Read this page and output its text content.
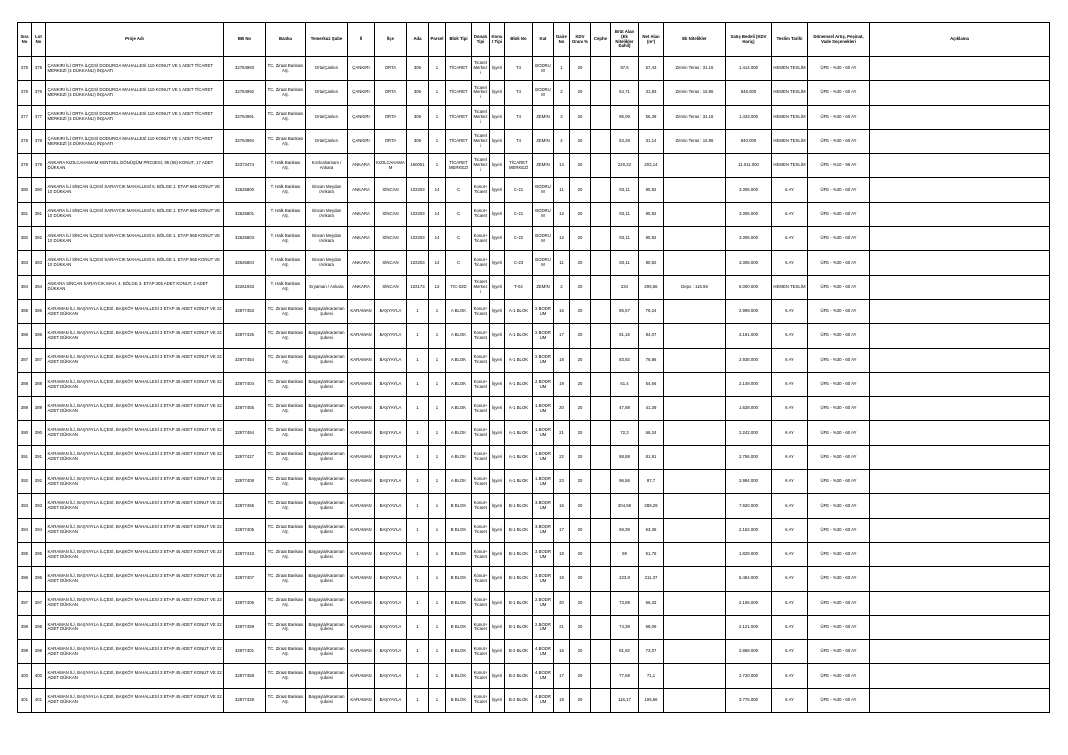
Sıra No	Lot No	Proje Adı	BB No	Banka	Temerkuz Şube	İl	İlçe	Ada	Parsel	Blok Tipi	Donatı Tipi	Konut Tipi	Blok No	Kat	Daire No	KDV Oranı %	Cephe	Brüt Alan (Ek Nitelikler Dahil)	Net Alan (m²)	Ek Nitelikler	Satış Bedeli (KDV Hariç)	Teslim Tarihi	Dönemsel Artış, Peşinat, Vade Seçenekleri	Açıklama
375	375	ÇANKIRI İLİ ORTA İLÇESİ DODURGA MAHALLESİ 110 KONUT VE 1 ADET TİCARET MERKEZİ (4 DÜKKANLI) İNŞAATI	32764993	TC. Ziraat Bankası AŞ.	Orta/Çankırı	ÇANKIRI	ORTA	306	1	TİCARET	Ticaret Merkezi	İşyeri	T4	BODRUM	1	20		97,6	57,43	Zemin Teras : 31.16	1.414.000	HEMEN TESLİM	ÜFE - %30 - 60 AY	
376	376	ÇANKIRI İLİ ORTA İLÇESİ DODURGA MAHALLESİ 110 KONUT VE 1 ADET TİCARET MERKEZİ (4 DÜKKANLI) İNŞAATI	32764992	TC. Ziraat Bankası AŞ.	Orta/Çankırı	ÇANKIRI	ORTA	306	1	TİCARET	Ticaret Merkezi	İşyeri	T4	BODRUM	2	20		54,71	31,83	Zemin Teras : 15.96	848.000	HEMEN TESLİM	ÜFE - %30 - 60 AY	
377	377	ÇANKIRI İLİ ORTA İLÇESİ DODURGA MAHALLESİ 110 KONUT VE 1 ADET TİCARET MERKEZİ (4 DÜKKANLI) İNŞAATI	32764991	TC. Ziraat Bankası AŞ.	Orta/Çankırı	ÇANKIRI	ORTA	306	1	TİCARET	Ticaret Merkezi	İşyeri	T4	ZEMİN	3	20		95,09	56,39	Zemin Teras : 31.16	1.433.000	HEMEN TESLİM	ÜFE - %30 - 60 AY	
378	378	ÇANKIRI İLİ ORTA İLÇESİ DODURGA MAHALLESİ 110 KONUT VE 1 ADET TİCARET MERKEZİ (4 DÜKKANLI) İNŞAATI	32764994	TC. Ziraat Bankası AŞ.	Orta/Çankırı	ÇANKIRI	ORTA	306	1	TİCARET	Ticaret Merkezi	İşyeri	T4	ZEMİN	4	20		53,28	31,14	Zemin Teras : 15.96	840.000	HEMEN TESLİM	ÜFE - %30 - 60 AY	
379	379	ANKARA KIZILCAHAMAM KENTSEL DÖNÜŞÜM PROJESİ, 95 (65) KONUT, 17 ADET DÜKKAN	32373474	T. Halk Bankası AŞ.	Kızılcahamam / Ankara	ANKARA	KIZILCAHAMAM	160051	1	TİCARET MERKEZİ	Ticaret Merkezi	İşyeri	TİCARET MERKEZİ	ZEMİN	14	20		220,22	202,14		11.011.000	HEMEN TESLİM	ÜFE - %10 - 96 AY	
380	380	ANKARA İLİ SİNCAN İLÇESİ SARAYCIK MAHALLESİ 6. BÖLGE 1. ETAP 565 KONUT VE 10 DÜKKAN	32626800	T. Halk Bankası AŞ.	Sincan Meydan /Ankara	ANKARA	SİNCAN	102203	14	C	Konut+ Ticaret	İşyeri	C-21	BODRUM	11	20		93,11	80,82		3.306.000	6 AY	ÜFE - %30 - 60 AY	
381	381	ANKARA İLİ SİNCAN İLÇESİ SARAYCIK MAHALLESİ 6. BÖLGE 1. ETAP 565 KONUT VE 10 DÜKKAN	32626801	T. Halk Bankası AŞ.	Sincan Meydan /Ankara	ANKARA	SİNCAN	102203	14	C	Konut+ Ticaret	İşyeri	C-21	BODRUM	12	20		93,11	80,82		3.306.000	6 AY	ÜFE - %30 - 60 AY	
382	382	ANKARA İLİ SİNCAN İLÇESİ SARAYCIK MAHALLESİ 6. BÖLGE 1. ETAP 565 KONUT VE 10 DÜKKAN	32626803	T. Halk Bankası AŞ.	Sincan Meydan /Ankara	ANKARA	SİNCAN	102203	14	C	Konut+ Ticaret	İşyeri	C-22	BODRUM	12	20		93,11	80,82		3.306.000	6 AY	ÜFE - %30 - 60 AY	
383	383	ANKARA İLİ SİNCAN İLÇESİ SARAYCIK MAHALLESİ 6. BÖLGE 1. ETAP 565 KONUT VE 10 DÜKKAN	32626804	T. Halk Bankası AŞ.	Sincan Meydan /Ankara	ANKARA	SİNCAN	102203	14	C	Konut+ Ticaret	İşyeri	C-23	BODRUM	11	20		93,11	80,82		3.306.000	6 AY	ÜFE - %30 - 60 AY	
384	384	ANKARA SİNCAN SARAYCIK MAH. 4. BÖLGE 3. ETAP 305 ADET KONUT, 2 ADET DÜKKAN	32261933	T. Halk Bankası AŞ.	Eryaman / Ankara	ANKARA	SİNCAN	102173	13	TIC-02D	Ticaret Merkezi	İşyeri	T-04	ZEMİN	2	20		234	206,56	Depo : 116.56	6.000.000	HEMEN TESLİM	ÜFE - %30 - 60 AY	
385	385	KARAMAN İLİ, BAŞYAYLA İLÇESİ, BAŞKÖY MAHALLESİ 3 ETAP 45 ADET KONUT VE 22 ADET DÜKKAN	32877453	TC. Ziraat Bankası AŞ.	Başyayla/Karaman şubesi	KARAMAN	BAŞYAYLA	1	1	A BLOK	Konut+ Ticaret	İşyeri	A-1 BLOK	2.BODRUM	16	20		85,67	76,24		2.999.000	6 AY	ÜFE - %30 - 60 AY	
386	386	KARAMAN İLİ, BAŞYAYLA İLÇESİ, BAŞKÖY MAHALLESİ 3 ETAP 45 ADET KONUT VE 22 ADET DÜKKAN	32877426	TC. Ziraat Bankası AŞ.	Başyayla/Karaman şubesi	KARAMAN	BAŞYAYLA	1	1	A BLOK	Konut+ Ticaret	İşyeri	A-1 BLOK	2.BODRUM	17	20		91,16	84,07		3.191.000	6 AY	ÜFE - %30 - 60 AY	
387	387	KARAMAN İLİ, BAŞYAYLA İLÇESİ, BAŞKÖY MAHALLESİ 3 ETAP 45 ADET KONUT VE 22 ADET DÜKKAN	32877454	TC. Ziraat Bankası AŞ.	Başyayla/Karaman şubesi	KARAMAN	BAŞYAYLA	1	1	A BLOK	Konut+ Ticaret	İşyeri	A-1 BLOK	2.BODRUM	18	20		83,92	76,86		2.938.000	6 AY	ÜFE - %30 - 60 AY	
388	388	KARAMAN İLİ, BAŞYAYLA İLÇESİ, BAŞKÖY MAHALLESİ 3 ETAP 45 ADET KONUT VE 22 ADET DÜKKAN	32877404	TC. Ziraat Bankası AŞ.	Başyayla/Karaman şubesi	KARAMAN	BAŞYAYLA	1	1	A BLOK	Konut+ Ticaret	İşyeri	A-1 BLOK	2.BODRUM	19	20		61,4	54,66		2.149.000	6 AY	ÜFE - %30 - 60 AY	
389	389	KARAMAN İLİ, BAŞYAYLA İLÇESİ, BAŞKÖY MAHALLESİ 3 ETAP 45 ADET KONUT VE 22 ADET DÜKKAN	32877455	TC. Ziraat Bankası AŞ.	Başyayla/Karaman şubesi	KARAMAN	BAŞYAYLA	1	1	A BLOK	Konut+ Ticaret	İşyeri	A-1 BLOK	1.BODRUM	20	20		47,88	41,39		1.628.000	6 AY	ÜFE - %30 - 60 AY	
390	390	KARAMAN İLİ, BAŞYAYLA İLÇESİ, BAŞKÖY MAHALLESİ 3 ETAP 45 ADET KONUT VE 22 ADET DÜKKAN	32877464	TC. Ziraat Bankası AŞ.	Başyayla/Karaman şubesi	KARAMAN	BAŞYAYLA	1	1	A BLOK	Konut+ Ticaret	İşyeri	A-1 BLOK	1.BODRUM	21	20		72,3	66,24		2.242.000	6 AY	ÜFE - %30 - 60 AY	
391	391	KARAMAN İLİ, BAŞYAYLA İLÇESİ, BAŞKÖY MAHALLESİ 3 ETAP 45 ADET KONUT VE 22 ADET DÜKKAN	32877427	TC. Ziraat Bankası AŞ.	Başyayla/Karaman şubesi	KARAMAN	BAŞYAYLA	1	1	A BLOK	Konut+ Ticaret	İşyeri	A-1 BLOK	1.BODRUM	22	20		88,88	81,81		2.756.000	6 AY	ÜFE - %30 - 60 AY	
392	392	KARAMAN İLİ, BAŞYAYLA İLÇESİ, BAŞKÖY MAHALLESİ 3 ETAP 45 ADET KONUT VE 22 ADET DÜKKAN	32877408	TC. Ziraat Bankası AŞ.	Başyayla/Karaman şubesi	KARAMAN	BAŞYAYLA	1	1	A BLOK	Konut+ Ticaret	İşyeri	A-1 BLOK	1.BODRUM	23	20		96,56	87,7		2.994.000	6 AY	ÜFE - %30 - 60 AY	
393	393	KARAMAN İLİ, BAŞYAYLA İLÇESİ, BAŞKÖY MAHALLESİ 3 ETAP 45 ADET KONUT VE 22 ADET DÜKKAN	32877465	TC. Ziraat Bankası AŞ.	Başyayla/Karaman şubesi	KARAMAN	BAŞYAYLA	1	1	B BLOK	Konut+ Ticaret	İşyeri	B-1 BLOK	3.BODRUM	16	20		304,59	288,29		7.920.000	6 AY	ÜFE - %30 - 60 AY	
394	394	KARAMAN İLİ, BAŞYAYLA İLÇESİ, BAŞKÖY MAHALLESİ 3 ETAP 45 ADET KONUT VE 22 ADET DÜKKAN	32877405	TC. Ziraat Bankası AŞ.	Başyayla/Karaman şubesi	KARAMAN	BAŞYAYLA	1	1	B BLOK	Konut+ Ticaret	İşyeri	B-1 BLOK	3.BODRUM	17	20		69,39	63,36		2.152.000	6 AY	ÜFE - %30 - 60 AY	
395	395	KARAMAN İLİ, BAŞYAYLA İLÇESİ, BAŞKÖY MAHALLESİ 3 ETAP 45 ADET KONUT VE 22 ADET DÜKKAN	32877443	TC. Ziraat Bankası AŞ.	Başyayla/Karaman şubesi	KARAMAN	BAŞYAYLA	1	1	B BLOK	Konut+ Ticaret	İşyeri	B-1 BLOK	3.BODRUM	18	20		59	51,76		1.829.000	6 AY	ÜFE - %30 - 60 AY	
396	396	KARAMAN İLİ, BAŞYAYLA İLÇESİ, BAŞKÖY MAHALLESİ 3 ETAP 45 ADET KONUT VE 22 ADET DÜKKAN	32877407	TC. Ziraat Bankası AŞ.	Başyayla/Karaman şubesi	KARAMAN	BAŞYAYLA	1	1	B BLOK	Konut+ Ticaret	İşyeri	B-1 BLOK	3.BODRUM	19	20		223,8	211,37		5.484.000	6 AY	ÜFE - %30 - 60 AY	
397	397	KARAMAN İLİ, BAŞYAYLA İLÇESİ, BAŞKÖY MAHALLESİ 3 ETAP 45 ADET KONUT VE 22 ADET DÜKKAN	32877406	TC. Ziraat Bankası AŞ.	Başyayla/Karaman şubesi	KARAMAN	BAŞYAYLA	1	1	B BLOK	Konut+ Ticaret	İşyeri	B-1 BLOK	2.BODRUM	20	20		73,89	66,33		2.106.000	6 AY	ÜFE - %30 - 60 AY	
398	398	KARAMAN İLİ, BAŞYAYLA İLÇESİ, BAŞKÖY MAHALLESİ 3 ETAP 45 ADET KONUT VE 22 ADET DÜKKAN	32877459	TC. Ziraat Bankası AŞ.	Başyayla/Karaman şubesi	KARAMAN	BAŞYAYLA	1	1	B BLOK	Konut+ Ticaret	İşyeri	B-1 BLOK	2.BODRUM	21	20		74,39	68,09		2.121.000	6 AY	ÜFE - %30 - 60 AY	
399	399	KARAMAN İLİ, BAŞYAYLA İLÇESİ, BAŞKÖY MAHALLESİ 3 ETAP 45 ADET KONUT VE 22 ADET DÜKKAN	32877401	TC. Ziraat Bankası AŞ.	Başyayla/Karaman şubesi	KARAMAN	BAŞYAYLA	1	1	B BLOK	Konut+ Ticaret	İşyeri	B-2 BLOK	4.BODRUM	16	20		81,92	73,07		2.868.000	6 AY	ÜFE - %30 - 60 AY	
400	400	KARAMAN İLİ, BAŞYAYLA İLÇESİ, BAŞKÖY MAHALLESİ 3 ETAP 45 ADET KONUT VE 22 ADET DÜKKAN	32877458	TC. Ziraat Bankası AŞ.	Başyayla/Karaman şubesi	KARAMAN	BAŞYAYLA	1	1	B BLOK	Konut+ Ticaret	İşyeri	B-2 BLOK	4.BODRUM	17	20		77,69	71,1		2.720.000	6 AY	ÜFE - %30 - 60 AY	
401	401	KARAMAN İLİ, BAŞYAYLA İLÇESİ, BAŞKÖY MAHALLESİ 3 ETAP 45 ADET KONUT VE 22 ADET DÜKKAN	32877428	TC. Ziraat Bankası AŞ.	Başyayla/Karaman şubesi	KARAMAN	BAŞYAYLA	1	1	B BLOK	Konut+ Ticaret	İşyeri	B-2 BLOK	4.BODRUM	18	20		116,17	106,56		3.776.000	6 AY	ÜFE - %30 - 60 AY	
